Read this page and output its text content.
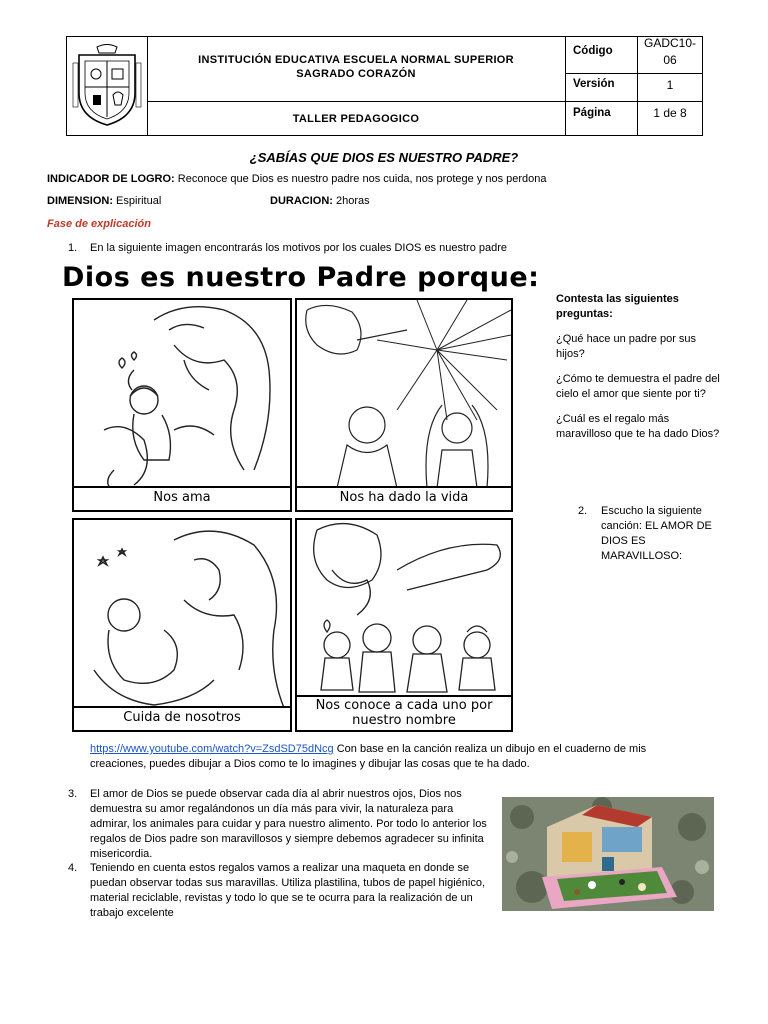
INSTITUCIÓN EDUCATIVA ESCUELA NORMAL SUPERIOR
SAGRADO CORAZÓN
TALLER PEDAGOGICO
Código
GADC10-
06
Versión	1
Página	1 de 8
¿SABÍAS QUE DIOS ES NUESTRO PADRE?
INDICADOR DE LOGRO: Reconoce que Dios es nuestro padre nos cuida, nos protege y nos perdona
DIMENSION: Espiritual	DURACION: 2horas
Fase de explicación
1. En la siguiente imagen encontrarás los motivos por los cuales DIOS es nuestro padre
Dios es nuestro Padre porque:
Nos ama	Nos ha dado la vida
Cuida de nosotros
Nos conoce a cada uno por
nuestro nombre

Contesta las siguientes preguntas:

¿Qué hace un padre por sus hijos?

¿Cómo te demuestra el padre del cielo el amor que siente por ti?

¿Cuál es el regalo más maravilloso que te ha dado Dios?

2. Escucho la siguiente canción: EL AMOR DE DIOS ES MARAVILLOSO:
https://www.youtube.com/watch?v=ZsdSD75dNcg Con base en la canción realiza un dibujo en el cuaderno de mis creaciones, puedes dibujar a Dios como te lo imagines y dibujar las cosas que te ha dado.
3. El amor de Dios se puede observar cada día al abrir nuestros ojos, Dios nos demuestra su amor regalándonos un día más para vivir, la naturaleza para admirar, los animales para cuidar y para nuestro alimento. Por todo lo anterior los regalos de Dios padre son maravillosos y siempre debemos agradecer su infinita misericordia.
4. Teniendo en cuenta estos regalos vamos a realizar una maqueta en donde se puedan observar todas sus maravillas. Utiliza plastilina, tubos de papel higiénico, material reciclable, revistas y todo lo que se te ocurra para la realización de un trabajo excelente
